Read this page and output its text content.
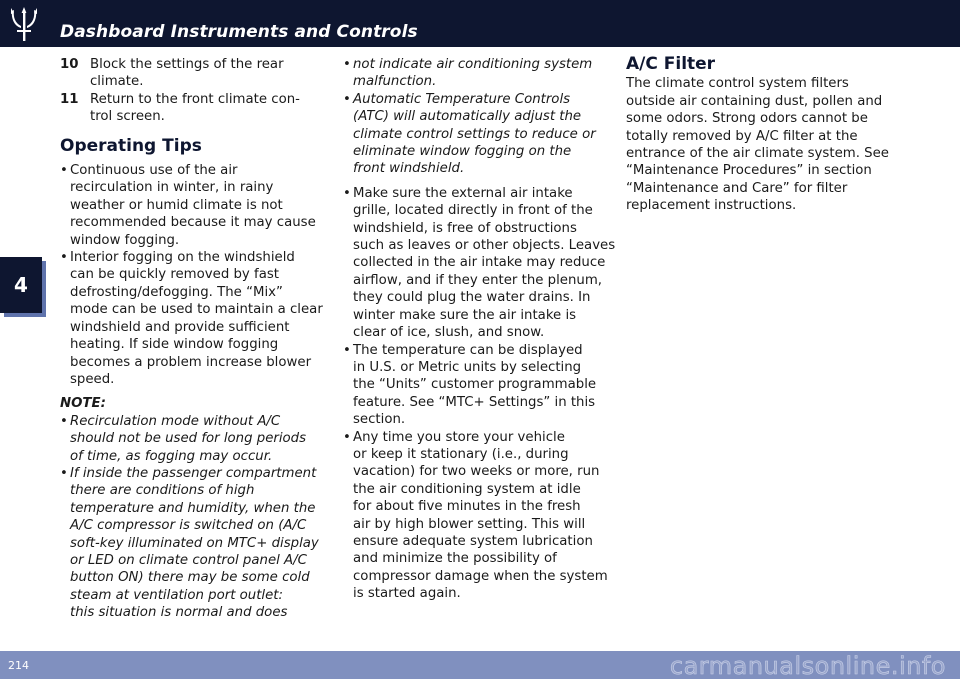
Dashboard Instruments and Controls
4
214	carmanualsonline.info
10 Block the settings of the rear
climate.
11 Return to the front climate con-
trol screen.
Operating Tips
• Continuous use of the air
recirculation in winter, in rainy
weather or humid climate is not
recommended because it may cause
window fogging.
• Interior fogging on the windshield
can be quickly removed by fast
defrosting/defogging. The “Mix”
mode can be used to maintain a clear
windshield and provide sufficient
heating. If side window fogging
becomes a problem increase blower
speed.
NOTE:
• Recirculation mode without A/C
should not be used for long periods
of time, as fogging may occur.
• If inside the passenger compartment
there are conditions of high
temperature and humidity, when the
A/C compressor is switched on (A/C
soft-key illuminated on MTC+ display
or LED on climate control panel A/C
button ON) there may be some cold
steam at ventilation port outlet:
this situation is normal and does
• not indicate air conditioning system
malfunction.
• Automatic Temperature Controls
(ATC) will automatically adjust the
climate control settings to reduce or
eliminate window fogging on the
front windshield.
• Make sure the external air intake
grille, located directly in front of the
windshield, is free of obstructions
such as leaves or other objects. Leaves
collected in the air intake may reduce
airflow, and if they enter the plenum,
they could plug the water drains. In
winter make sure the air intake is
clear of ice, slush, and snow.
• The temperature can be displayed
in U.S. or Metric units by selecting
the “Units” customer programmable
feature. See “MTC+ Settings” in this
section.
• Any time you store your vehicle
or keep it stationary (i.e., during
vacation) for two weeks or more, run
the air conditioning system at idle
for about five minutes in the fresh
air by high blower setting. This will
ensure adequate system lubrication
and minimize the possibility of
compressor damage when the system
is started again.
A/C Filter
The climate control system filters
outside air containing dust, pollen and
some odors. Strong odors cannot be
totally removed by A/C filter at the
entrance of the air climate system. See
“Maintenance Procedures” in section
“Maintenance and Care” for filter
replacement instructions.
